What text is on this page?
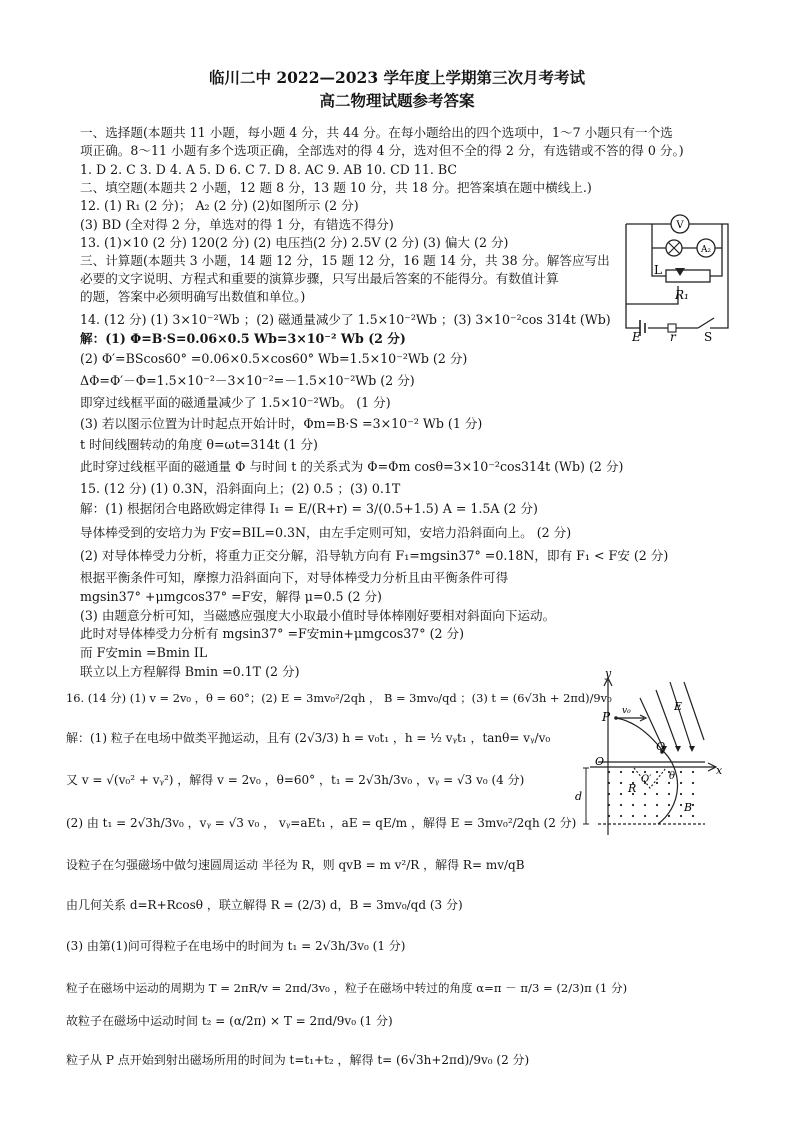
临川二中 2022—2023 学年度上学期第三次月考考试
高二物理试题参考答案
一、选择题(本题共 11 小题，每小题 4 分，共 44 分。在每小题给出的四个选项中，1～7 小题只有一个选
项正确。8～11 小题有多个选项正确，全部选对的得 4 分，选对但不全的得 2 分，有选错或不答的得 0 分。)
1. D 2. C 3. D 4. A 5. D 6. C 7. D 8. AC 9. AB 10. CD 11. BC
二、填空题(本题共 2 小题，12 题 8 分，13 题 10 分，共 18 分。把答案填在题中横线上.)
12. (1) R₁ (2 分)； A₂ (2 分) (2)如图所示 (2 分)
(3) BD (全对得 2 分，单选对的得 1 分，有错选不得分)
13. (1)×10 (2 分) 120(2 分) (2) 电压挡(2 分) 2.5V (2 分) (3) 偏大 (2 分)
三、计算题(本题共 3 小题，14 题 12 分，15 题 12 分，16 题 14 分，共 38 分。解答应写出
必要的文字说明、方程式和重要的演算步骤，只写出最后答案的不能得分。有数值计算
的题，答案中必须明确写出数值和单位。)
14. (12 分) (1) 3×10⁻²Wb ；(2) 磁通量减少了 1.5×10⁻²Wb ；(3) 3×10⁻²cos 314t (Wb)
解：(1) Φ=B·S=0.06×0.5 Wb=3×10⁻² Wb (2 分)
(2) Φ′=BScos60° =0.06×0.5×cos60° Wb=1.5×10⁻²Wb (2 分)
ΔΦ=Φ′－Φ=1.5×10⁻²－3×10⁻²=－1.5×10⁻²Wb (2 分)
即穿过线框平面的磁通量减少了 1.5×10⁻²Wb。 (1 分)
(3) 若以图示位置为计时起点开始计时，Φm=B·S =3×10⁻² Wb (1 分)
t 时间线圈转动的角度 θ=ωt=314t (1 分)
此时穿过线框平面的磁通量 Φ 与时间 t 的关系式为 Φ=Φm cosθ=3×10⁻²cos314t (Wb) (2 分)
15. (12 分) (1) 0.3N，沿斜面向上；(2) 0.5 ；(3) 0.1T
解：(1) 根据闭合电路欧姆定律得 I₁ = E/(R+r) = 3/(0.5+1.5) A = 1.5A (2 分)
导体棒受到的安培力为 F安=BIL=0.3N，由左手定则可知，安培力沿斜面向上。 (2 分)
(2) 对导体棒受力分析，将重力正交分解，沿导轨方向有 F₁=mgsin37° =0.18N，即有 F₁ < F安 (2 分)
根据平衡条件可知，摩擦力沿斜面向下，对导体棒受力分析且由平衡条件可得
mgsin37° +μmgcos37° =F安，解得 μ=0.5 (2 分)
(3) 由题意分析可知，当磁感应强度大小取最小值时导体棒刚好要相对斜面向下运动。
此时对导体棒受力分析有 mgsin37° =F安min+μmgcos37° (2 分)
而 F安min =Bmin IL
联立以上方程解得 Bmin =0.1T (2 分)
16. (14 分) (1) v = 2v₀ ，θ = 60°；(2) E = 3mv₀²/2qh ， B = 3mv₀/qd ；(3) t = (6√3h + 2πd)/9v₀
解：(1) 粒子在电场中做类平抛运动，且有 (2√3/3) h = v₀t₁ ，h = ½ vᵧt₁ ，tanθ= vᵧ/v₀
又 v = √(v₀² + vᵧ²) ，解得 v = 2v₀ ，θ=60° ，t₁ = 2√3h/3v₀ ，vᵧ = √3 v₀ (4 分)
(2) 由 t₁ = 2√3h/3v₀ ，vᵧ = √3 v₀ ， vᵧ=aEt₁ ，aE = qE/m ，解得 E = 3mv₀²/2qh (2 分)
设粒子在匀强磁场中做匀速圆周运动 半径为 R，则 qvB = m v²/R ，解得 R= mv/qB
由几何关系 d=R+Rcosθ ，联立解得 R = (2/3) d，B = 3mv₀/qd (3 分)
(3) 由第(1)问可得粒子在电场中的时间为 t₁ = 2√3h/3v₀ (1 分)
粒子在磁场中运动的周期为 T = 2πR/v = 2πd/3v₀ ，粒子在磁场中转过的角度 α=π － π/3 = (2/3)π (1 分)
故粒子在磁场中运动时间 t₂ = (α/2π) × T = 2πd/9v₀ (1 分)
粒子从 P 点开始到射出磁场所用的时间为 t=t₁+t₂ ，解得 t= (6√3h+2πd)/9v₀ (2 分)
V
A₂
L
R₁
E r S
y
P v₀	E
Q
O
θ
O′
x
d
R
B
